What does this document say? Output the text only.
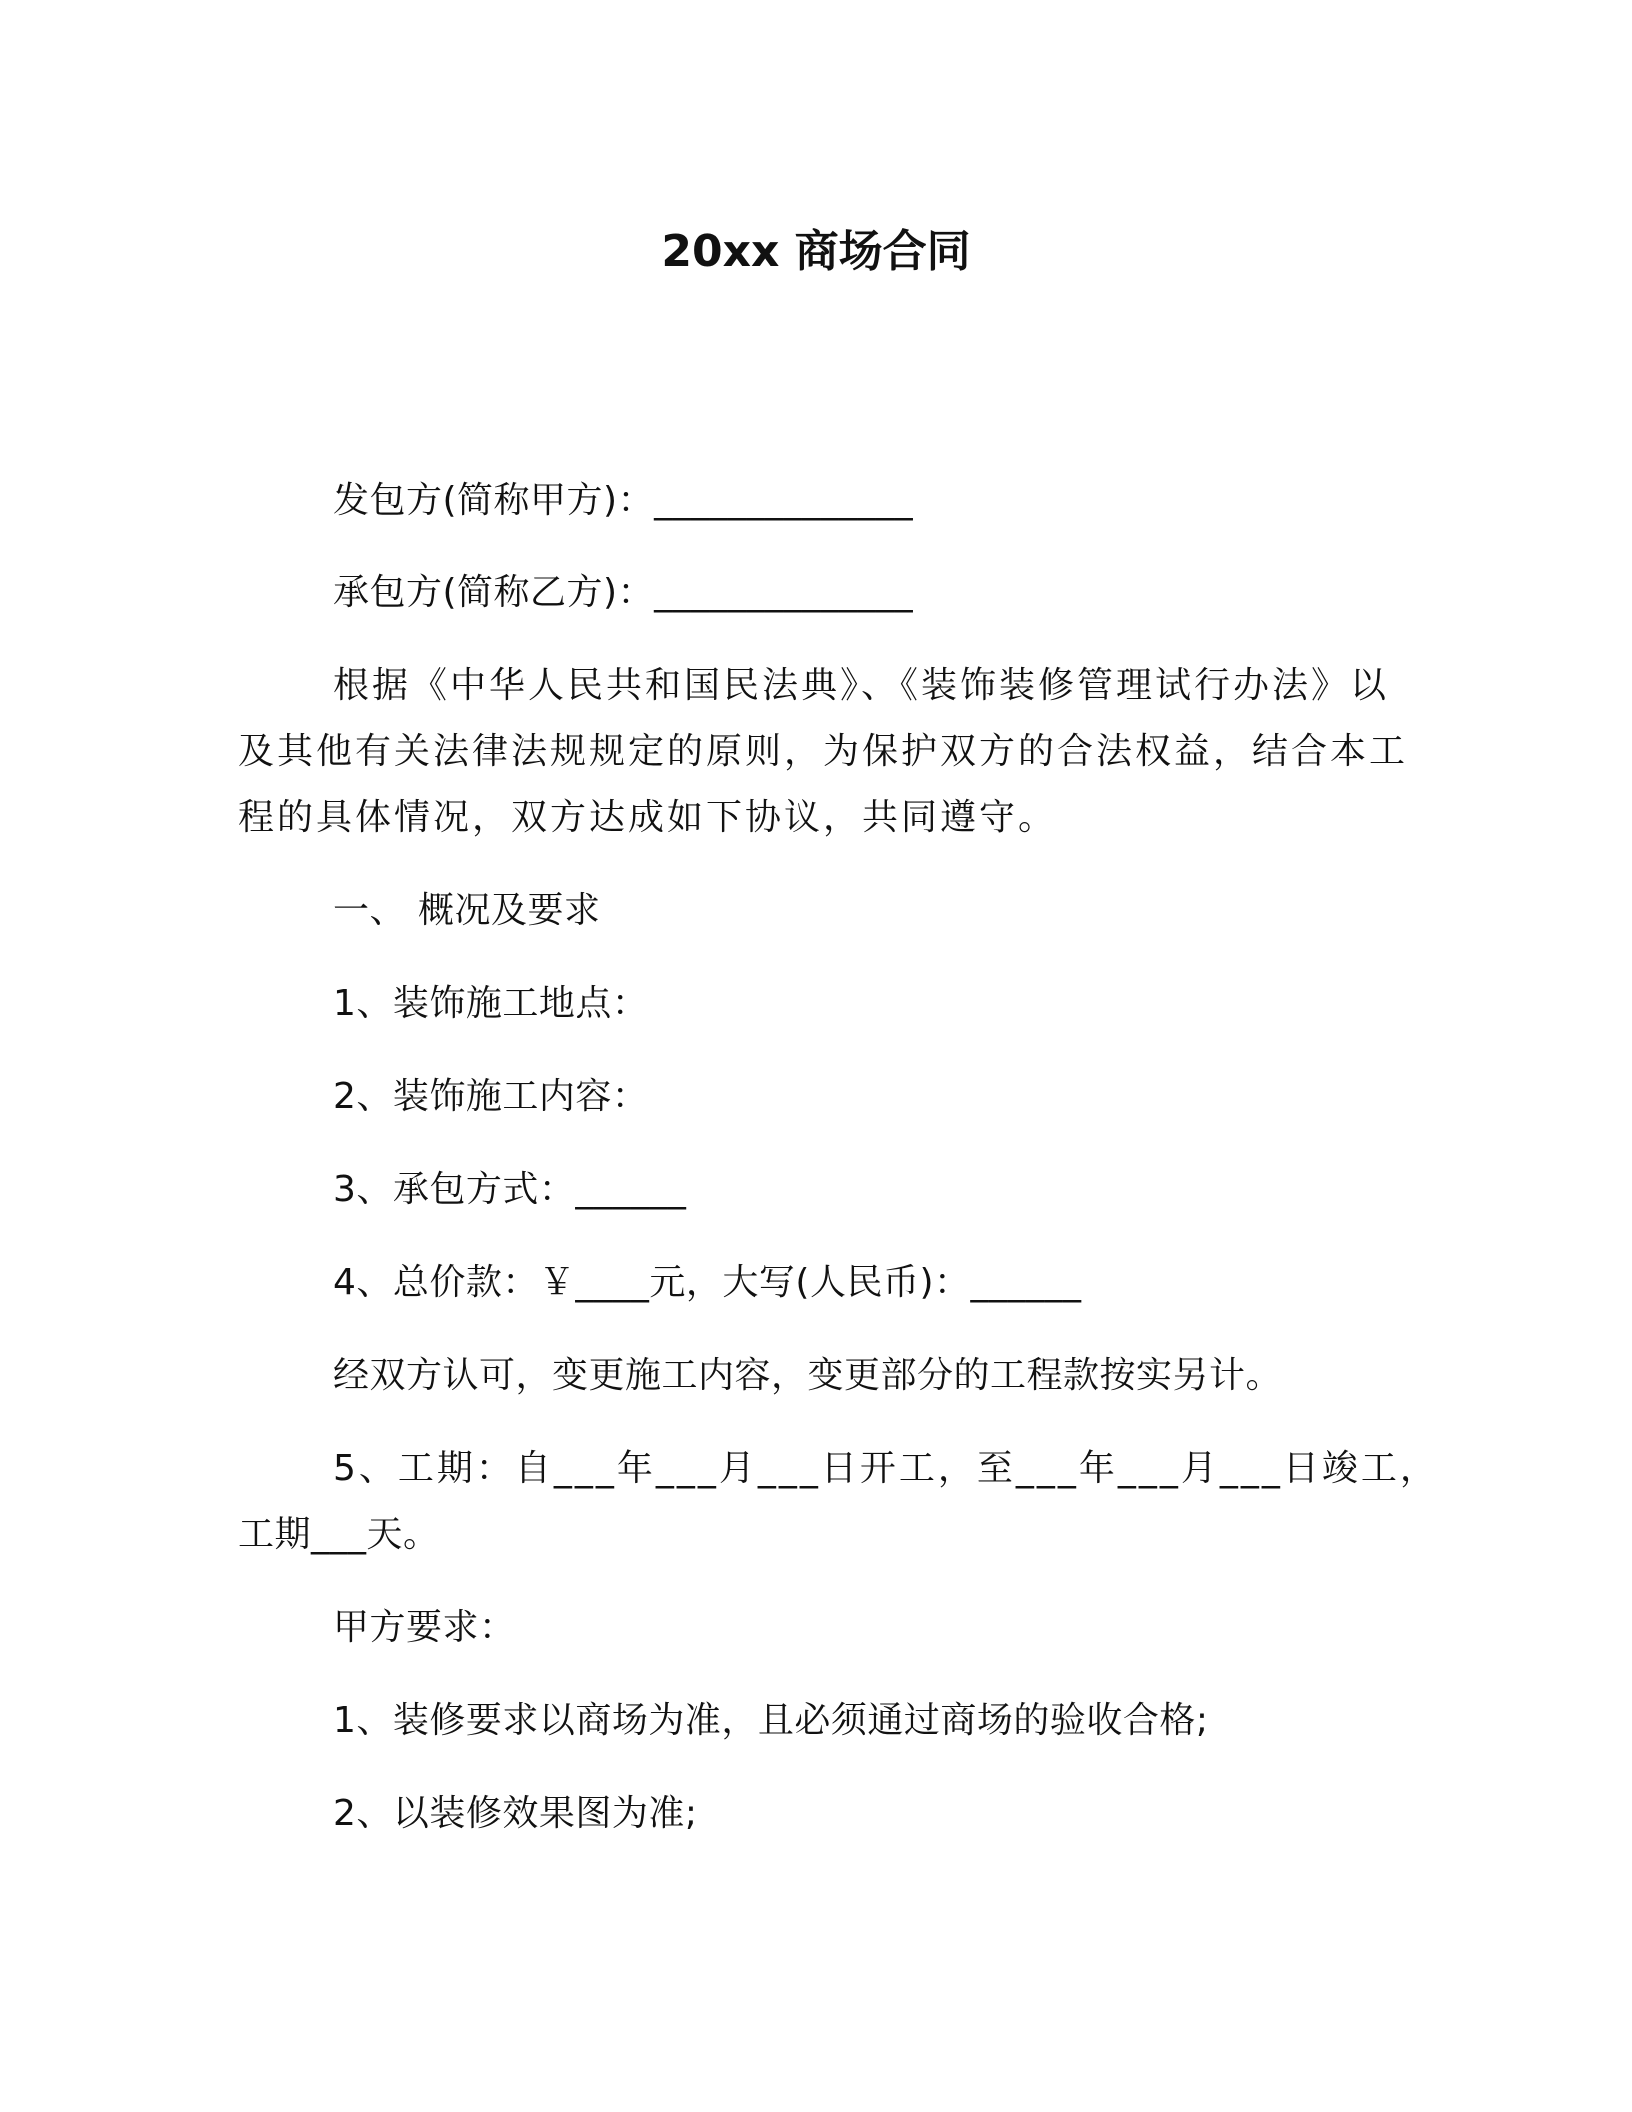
20xx 商场合同
发包方(简称甲方)：______________
承包方(简称乙方)：______________
根据《中华人民共和国民法典》、《装饰装修管理试行办法》以
及其他有关法律法规规定的原则，为保护双方的合法权益，结合本工
程的具体情况，双方达成如下协议，共同遵守。
一、 概况及要求
1、装饰施工地点：
2、装饰施工内容：
3、承包方式：______
4、总价款：￥____元，大写(人民币)：______
经双方认可，变更施工内容，变更部分的工程款按实另计。
5、工期：自___年___月___日开工，至___年___月___日竣工，
工期___天。
甲方要求：
1、装修要求以商场为准，且必须通过商场的验收合格;
2、以装修效果图为准;
